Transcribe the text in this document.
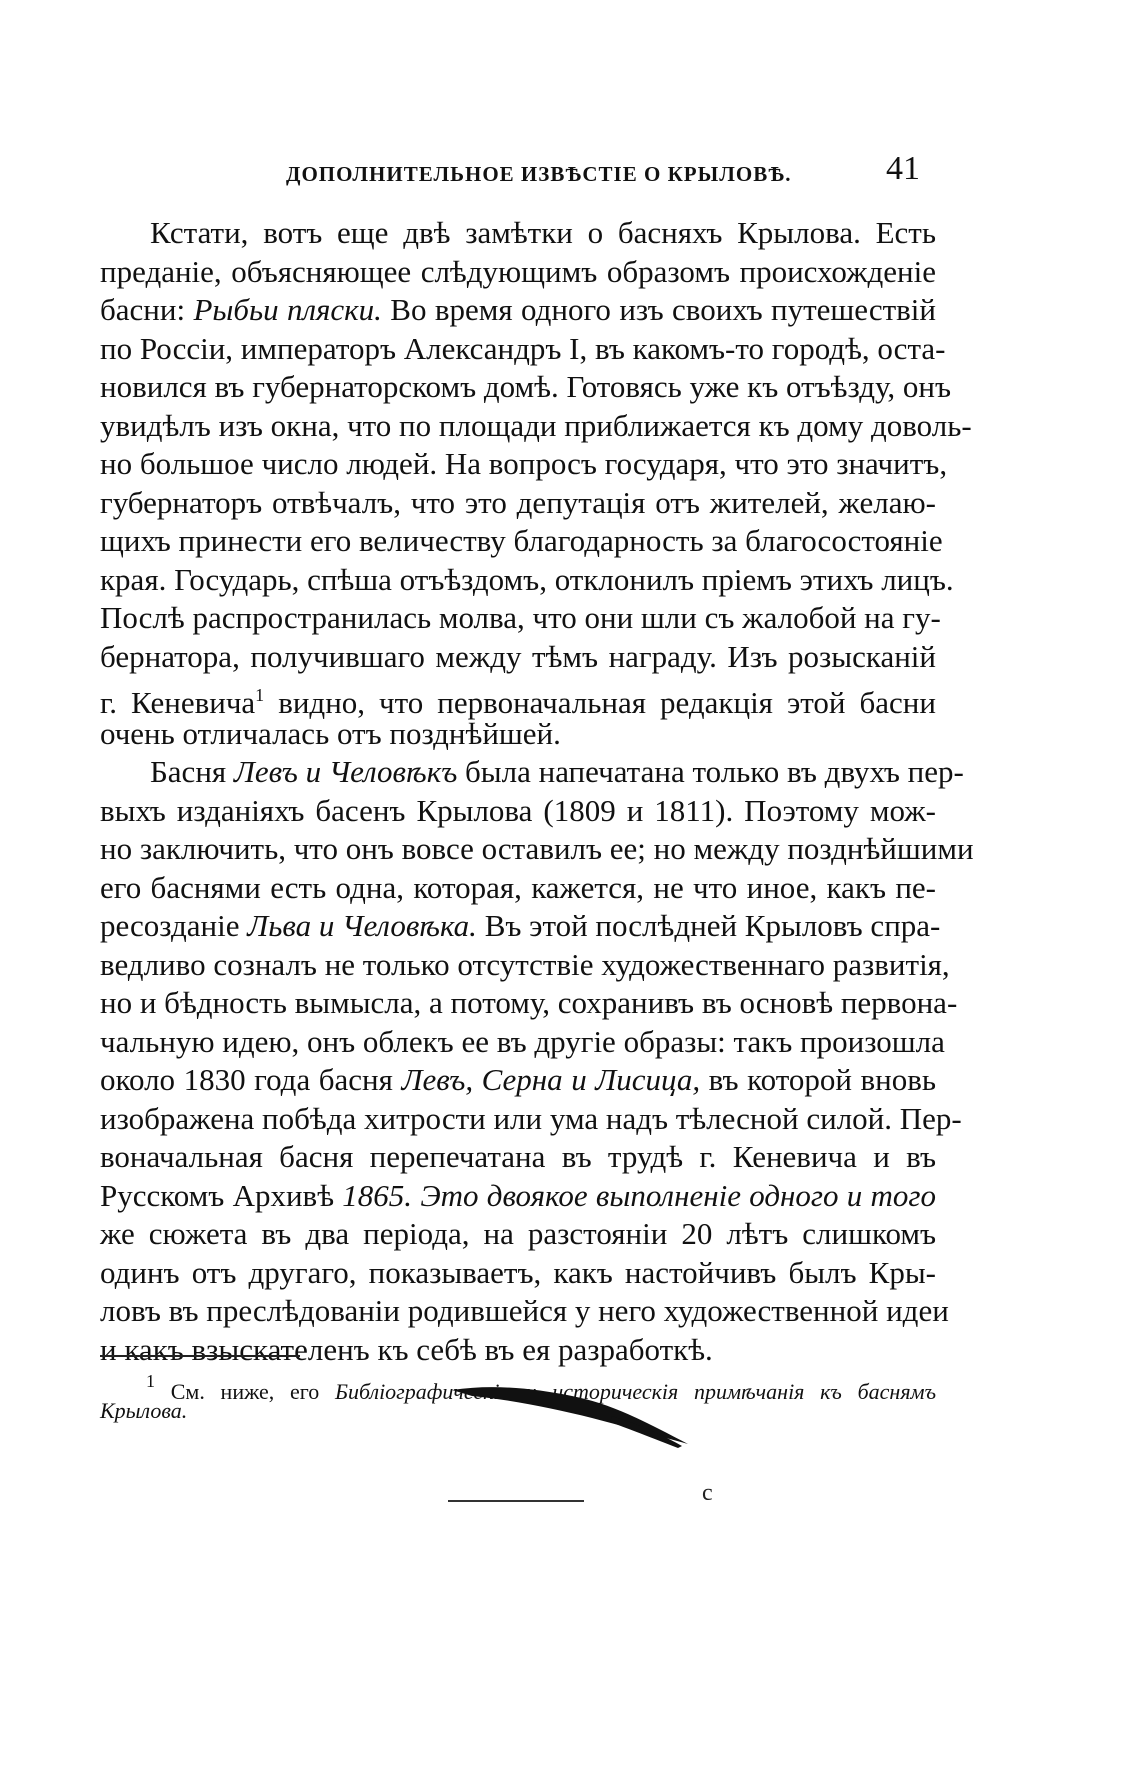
ДОПОЛНИТЕЛЬНОЕ ИЗВѢСТІЕ О КРЫЛОВѢ.	41
Кстати, вотъ еще двѣ замѣтки о басняхъ Крылова. Есть
преданіе, объясняющее слѣдующимъ образомъ происхожденіе
басни: Рыбьи пляски. Во время одного изъ своихъ путешествій
по Россіи, императоръ Александръ I, въ какомъ-то городѣ, оста-
новился въ губернаторскомъ домѣ. Готовясь уже къ отъѣзду, онъ
увидѣлъ изъ окна, что по площади приближается къ дому доволь-
но большое число людей. На вопросъ государя, что это значитъ,
губернаторъ отвѣчалъ, что это депутація отъ жителей, желаю-
щихъ принести его величеству благодарность за благосостояніе
края. Государь, спѣша отъѣздомъ, отклонилъ пріемъ этихъ лицъ.
Послѣ распространилась молва, что они шли съ жалобой на гу-
бернатора, получившаго между тѣмъ награду. Изъ розысканій
г. Кеневича$^1$ видно, что первоначальная редакція этой басни
очень отличалась отъ позднѣйшей.
Басня Левъ и Человѣкъ была напечатана только въ двухъ пер-
выхъ изданіяхъ басенъ Крылова (1809 и 1811). Поэтому мож-
но заключить, что онъ вовсе оставилъ ее; но между позднѣйшими
его баснями есть одна, которая, кажется, не что иное, какъ пе-
ресозданіе Льва и Человѣка. Въ этой послѣдней Крыловъ спра-
ведливо созналъ не только отсутствіе художественнаго развитія,
но и бѣдность вымысла, а потому, сохранивъ въ основѣ первона-
чальную идею, онъ облекъ ее въ другіе образы: такъ произошла
около 1830 года басня Левъ, Серна и Лисица, въ которой вновь
изображена побѣда хитрости или ума надъ тѣлесной силой. Пер-
воначальная басня перепечатана въ трудѣ г. Кеневича и въ
Русскомъ Архивѣ 1865. Это двоякое выполненіе одного и того
же сюжета въ два періода, на разстояніи 20 лѣтъ слишкомъ
одинъ отъ другаго, показываетъ, какъ настойчивъ былъ Кры-
ловъ въ преслѣдованіи родившейся у него художественной идеи
и какъ взыскателенъ къ себѣ въ ея разработкѣ.
$^1$ См. ниже, его Библіографическія и историческія примѣчанія къ баснямъ
Крылова.
c
